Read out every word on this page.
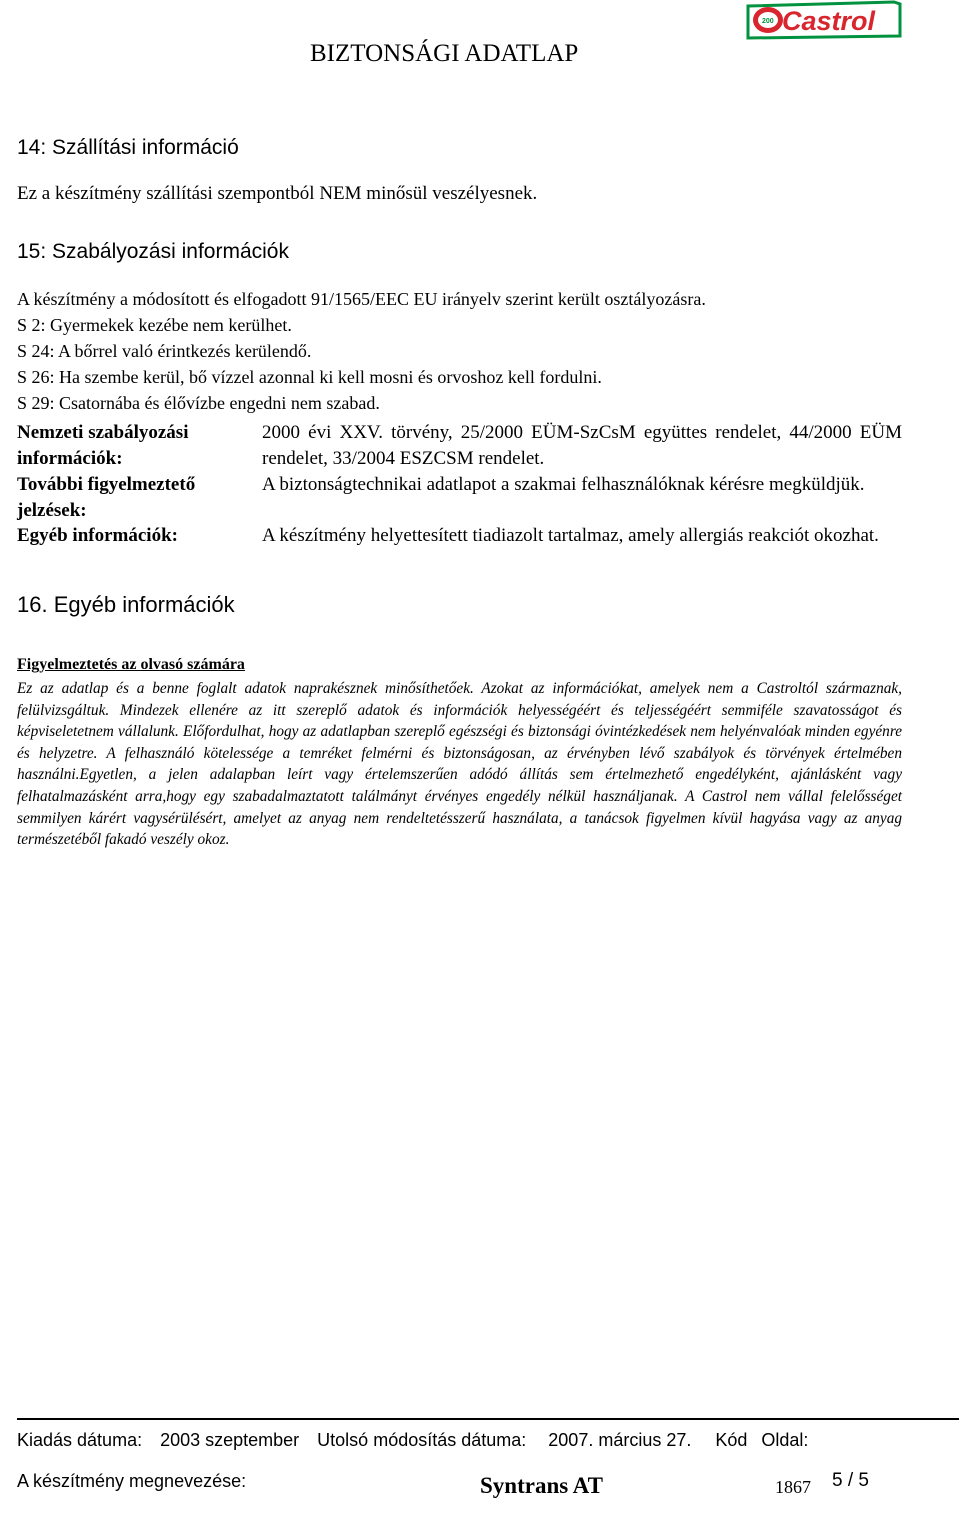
200 Castrol
BIZTONSÁGI ADATLAP
14: Szállítási információ
Ez a készítmény szállítási szempontból NEM minősül veszélyesnek.
15: Szabályozási információk
A készítmény a módosított és elfogadott 91/1565/EEC EU irányelv szerint került osztályozásra.
S 2: Gyermekek kezébe nem kerülhet.
S 24: A bőrrel való érintkezés kerülendő.
S 26: Ha szembe kerül, bő vízzel azonnal ki kell mosni és orvoshoz kell fordulni.
S 29: Csatornába és élővízbe engedni nem szabad.
Nemzeti szabályozási információk:
2000 évi XXV. törvény, 25/2000 EÜM-SzCsM együttes rendelet, 44/2000 EÜM rendelet, 33/2004 ESZCSM rendelet.
További figyelmeztető jelzések:
A biztonságtechnikai adatlapot a szakmai felhasználóknak kérésre megküldjük.
Egyéb információk:	A készítmény helyettesített tiadiazolt tartalmaz, amely allergiás reakciót okozhat.
16. Egyéb információk
Figyelmeztetés az olvasó számára
Ez az adatlap és a benne foglalt adatok naprakésznek minősíthetőek. Azokat az információkat, amelyek nem a Castroltól származnak, felülvizsgáltuk. Mindezek ellenére az itt szereplő adatok és információk helyességéért és teljességéért semmiféle szavatosságot és képviseletetnem vállalunk. Előfordulhat, hogy az adatlapban szereplő egészségi és biztonsági óvintézkedések nem helyénvalóak minden egyénre és helyzetre. A felhasználó kötelessége a temréket felmérni és biztonságosan, az érvényben lévő szabályok és törvények értelmében használni.Egyetlen, a jelen adalapban leírt vagy értelemszerűen adódó állítás sem értelmezhető engedélyként, ajánlásként vagy felhatalmazásként arra,hogy egy szabadalmaztatott találmányt érvényes engedély nélkül használjanak. A Castrol nem vállal felelősséget semmilyen kárért vagysérülésért, amelyet az anyag nem rendeltetésszerű használata, a tanácsok figyelmen kívül hagyása vagy az anyag természetéből fakadó veszély okoz.
Kiadás dátuma: 2003 szeptember Utolsó módosítás dátuma: 2007. március 27. Kód Oldal:
A készítmény megnevezése:	Syntrans AT	1867 5 / 5
